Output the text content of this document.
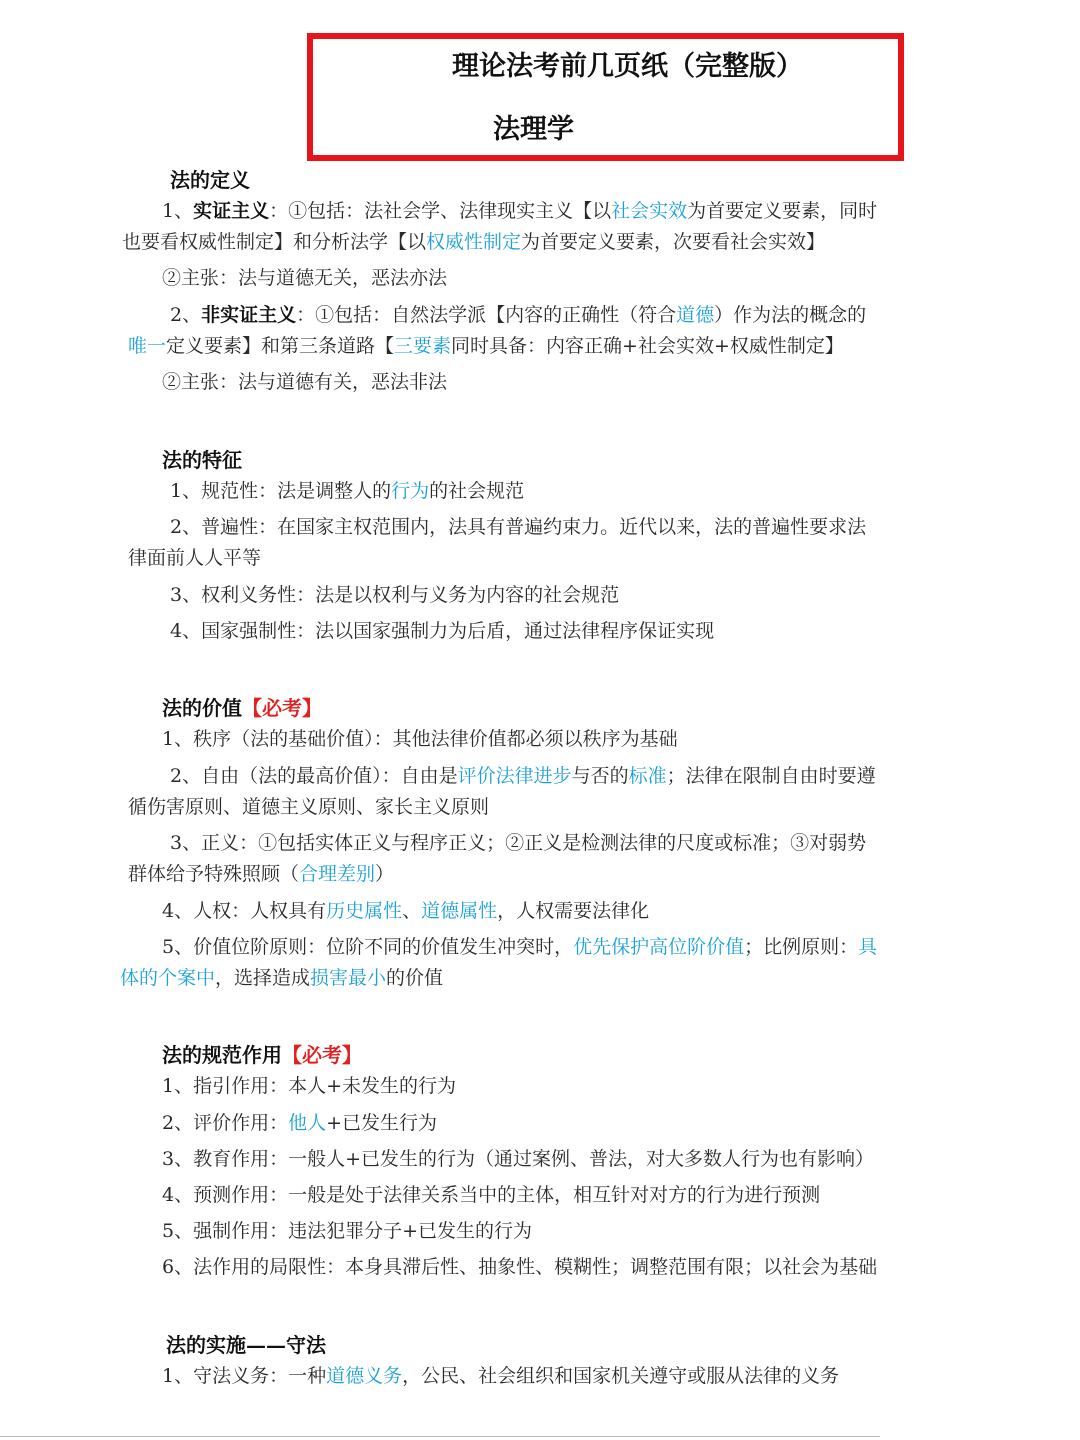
理论法考前几页纸（完整版）
法理学
法的定义
1、实证主义：①包括：法社会学、法律现实主义【以社会实效为首要定义要素，同时
也要看权威性制定】和分析法学【以权威性制定为首要定义要素，次要看社会实效】
②主张：法与道德无关，恶法亦法
2、非实证主义：①包括：自然法学派【内容的正确性（符合道德）作为法的概念的
唯一定义要素】和第三条道路【三要素同时具备：内容正确+社会实效+权威性制定】
②主张：法与道德有关，恶法非法
法的特征
1、规范性：法是调整人的行为的社会规范
2、普遍性：在国家主权范围内，法具有普遍约束力。近代以来，法的普遍性要求法
律面前人人平等
3、权利义务性：法是以权利与义务为内容的社会规范
4、国家强制性：法以国家强制力为后盾，通过法律程序保证实现
法的价值【必考】
1、秩序（法的基础价值）：其他法律价值都必须以秩序为基础
2、自由（法的最高价值）：自由是评价法律进步与否的标准；法律在限制自由时要遵
循伤害原则、道德主义原则、家长主义原则
3、正义：①包括实体正义与程序正义；②正义是检测法律的尺度或标准；③对弱势
群体给予特殊照顾（合理差别）
4、人权：人权具有历史属性、道德属性，人权需要法律化
5、价值位阶原则：位阶不同的价值发生冲突时，优先保护高位阶价值；比例原则：具
体的个案中，选择造成损害最小的价值
法的规范作用【必考】
1、指引作用：本人+未发生的行为
2、评价作用：他人+已发生行为
3、教育作用：一般人+已发生的行为（通过案例、普法，对大多数人行为也有影响）
4、预测作用：一般是处于法律关系当中的主体，相互针对对方的行为进行预测
5、强制作用：违法犯罪分子+已发生的行为
6、法作用的局限性：本身具滞后性、抽象性、模糊性；调整范围有限；以社会为基础
法的实施——守法
1、守法义务：一种道德义务，公民、社会组织和国家机关遵守或服从法律的义务
